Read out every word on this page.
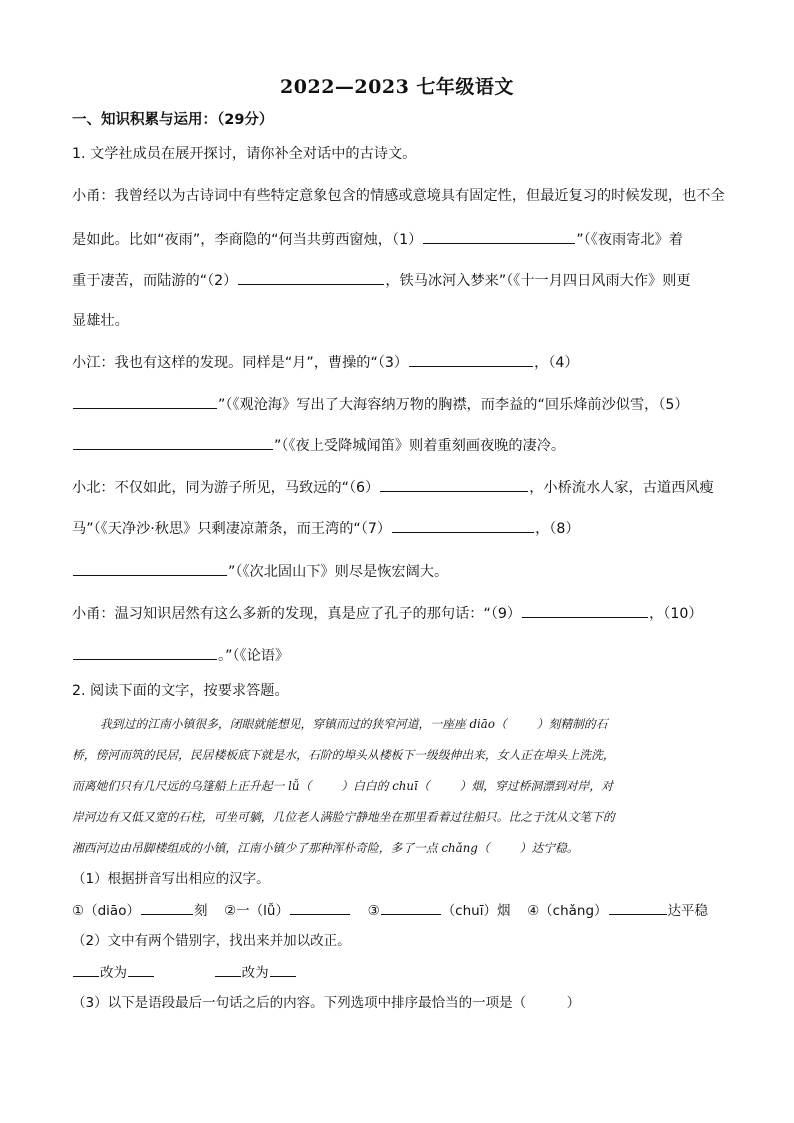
2022—2023 七年级语文
一、知识积累与运用：（29分）
1. 文学社成员在展开探讨，请你补全对话中的古诗文。
小甬：我曾经以为古诗词中有些特定意象包含的情感或意境具有固定性，但最近复习的时候发现，也不全
是如此。比如“夜雨”，李商隐的“何当共剪西窗烛，（1）	”（《夜雨寄北》着
重于凄苦，而陆游的“（2）	，铁马冰河入梦来”（《十一月四日风雨大作》则更
显雄壮。
小江：我也有这样的发现。同样是“月”，曹操的“（3）	，（4）
”（《观沧海》写出了大海容纳万物的胸襟，而李益的“回乐烽前沙似雪，（5）
”（《夜上受降城闻笛》则着重刻画夜晚的凄冷。
小北：不仅如此，同为游子所见，马致远的“（6）	，小桥流水人家，古道西风瘦
马”（《天净沙·秋思》只剩凄凉萧条，而王湾的“（7）	，（8）
”（《次北固山下》则尽是恢宏阔大。
小甬：温习知识居然有这么多新的发现，真是应了孔子的那句话：“（9）	，（10）
。”（《论语》
2. 阅读下面的文字，按要求答题。
我到过的江南小镇很多，闭眼就能想见，穿镇而过的狭窄河道，一座座 diāo（	）刻精制的石
桥，傍河而筑的民居，民居楼板底下就是水，石阶的埠头从楼板下一级级伸出来，女人正在埠头上洗洗，
而离她们只有几尺远的乌篷船上正升起一 lǚ（	）白白的 chuī（	）烟，穿过桥洞漂到对岸，对
岸河边有又低又宽的石柱，可坐可躺，几位老人满脸宁静地坐在那里看着过往船只。比之于沈从文笔下的
湘西河边由吊脚楼组成的小镇，江南小镇少了那种浑朴奇险，多了一点 chǎng（	）达宁稳。
（1）根据拼音写出相应的汉字。
①（diāo）	刻 ②一（lǚ）	③	（chuī）烟 ④（chǎng）	达平稳
（2）文中有两个错别字，找出来并加以改正。
改为	改为
（3）以下是语段最后一句话之后的内容。下列选项中排序最恰当的一项是（　　　）
